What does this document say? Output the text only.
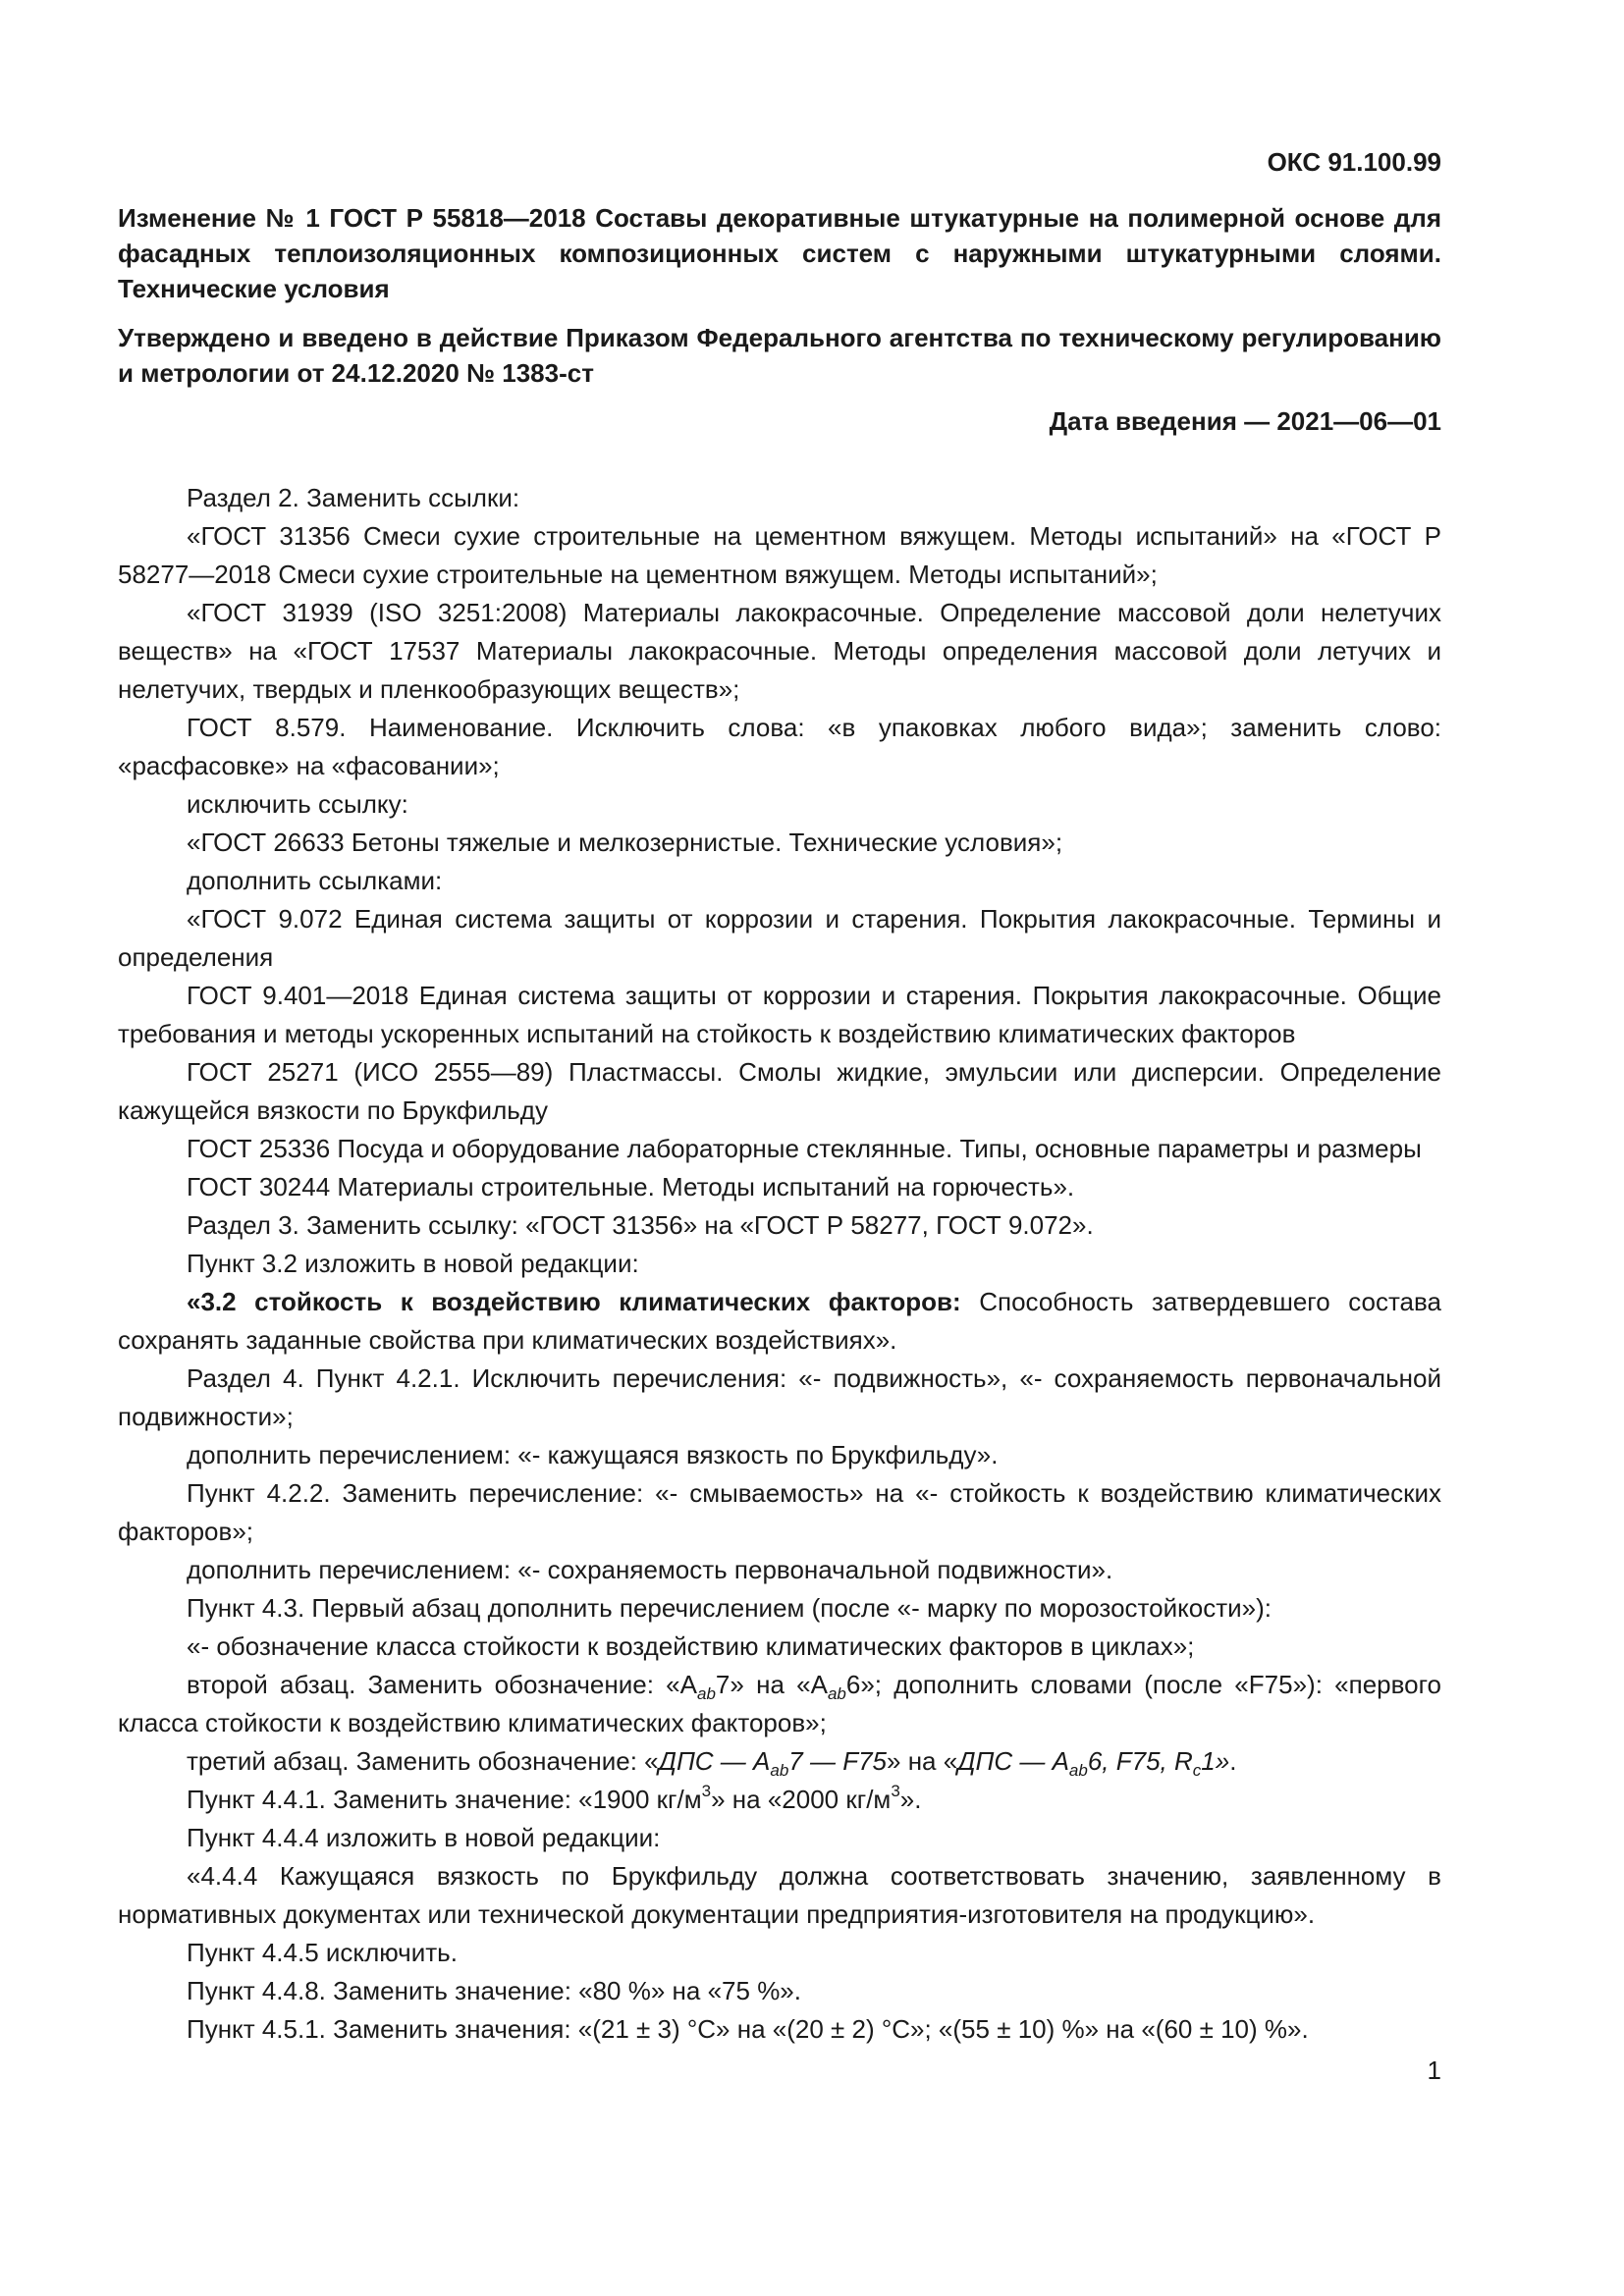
ОКС 91.100.99
Изменение № 1 ГОСТ Р 55818—2018 Составы декоративные штукатурные на полимерной основе для фасадных теплоизоляционных композиционных систем с наружными штукатурными слоями. Технические условия
Утверждено и введено в действие Приказом Федерального агентства по техническому регулированию и метрологии от 24.12.2020 № 1383-ст
Дата введения — 2021—06—01

Раздел 2. Заменить ссылки:

«ГОСТ 31356 Смеси сухие строительные на цементном вяжущем. Методы испытаний» на «ГОСТ Р 58277—2018 Смеси сухие строительные на цементном вяжущем. Методы испытаний»;

«ГОСТ 31939 (ISO 3251:2008) Материалы лакокрасочные. Определение массовой доли нелетучих веществ» на «ГОСТ 17537 Материалы лакокрасочные. Методы определения массовой доли летучих и нелетучих, твердых и пленкообразующих веществ»;

ГОСТ 8.579. Наименование. Исключить слова: «в упаковках любого вида»; заменить слово: «расфасовке» на «фасовании»;

исключить ссылку:

«ГОСТ 26633 Бетоны тяжелые и мелкозернистые. Технические условия»;

дополнить ссылками:

«ГОСТ 9.072 Единая система защиты от коррозии и старения. Покрытия лакокрасочные. Термины и определения

ГОСТ 9.401—2018 Единая система защиты от коррозии и старения. Покрытия лакокрасочные. Общие требования и методы ускоренных испытаний на стойкость к воздействию климатических факторов

ГОСТ 25271 (ИСО 2555—89) Пластмассы. Смолы жидкие, эмульсии или дисперсии. Определение кажущейся вязкости по Брукфильду

ГОСТ 25336 Посуда и оборудование лабораторные стеклянные. Типы, основные параметры и размеры

ГОСТ 30244 Материалы строительные. Методы испытаний на горючесть».

Раздел 3. Заменить ссылку: «ГОСТ 31356» на «ГОСТ Р 58277, ГОСТ 9.072».

Пункт 3.2 изложить в новой редакции:

«3.2 стойкость к воздействию климатических факторов: Способность затвердевшего состава сохранять заданные свойства при климатических воздействиях».

Раздел 4. Пункт 4.2.1. Исключить перечисления: «- подвижность», «- сохраняемость первоначальной подвижности»;

дополнить перечислением: «- кажущаяся вязкость по Брукфильду».

Пункт 4.2.2. Заменить перечисление: «- смываемость» на «- стойкость к воздействию климатических факторов»;

дополнить перечислением: «- сохраняемость первоначальной подвижности».

Пункт 4.3. Первый абзац дополнить перечислением (после «- марку по морозостойкости»):

«- обозначение класса стойкости к воздействию климатических факторов в циклах»;

второй абзац. Заменить обозначение: «$А_{ab}7$» на «$А_{ab}6$»; дополнить словами (после «F75»): «первого класса стойкости к воздействию климатических факторов»;

третий абзац. Заменить обозначение: «ДПС — $A_{ab}7$ — F75» на «ДПС — $A_{ab}6$, F75, $R_c1$».

Пункт 4.4.1. Заменить значение: «1900 $кг/м^3$» на «2000 $кг/м^3$».

Пункт 4.4.4 изложить в новой редакции:

«4.4.4 Кажущаяся вязкость по Брукфильду должна соответствовать значению, заявленному в нормативных документах или технической документации предприятия-изготовителя на продукцию».

Пункт 4.4.5 исключить.

Пункт 4.4.8. Заменить значение: «80 %» на «75 %».

Пункт 4.5.1. Заменить значения: «(21 ± 3) °С» на «(20 ± 2) °С»; «(55 ± 10) %» на «(60 ± 10) %».

1
